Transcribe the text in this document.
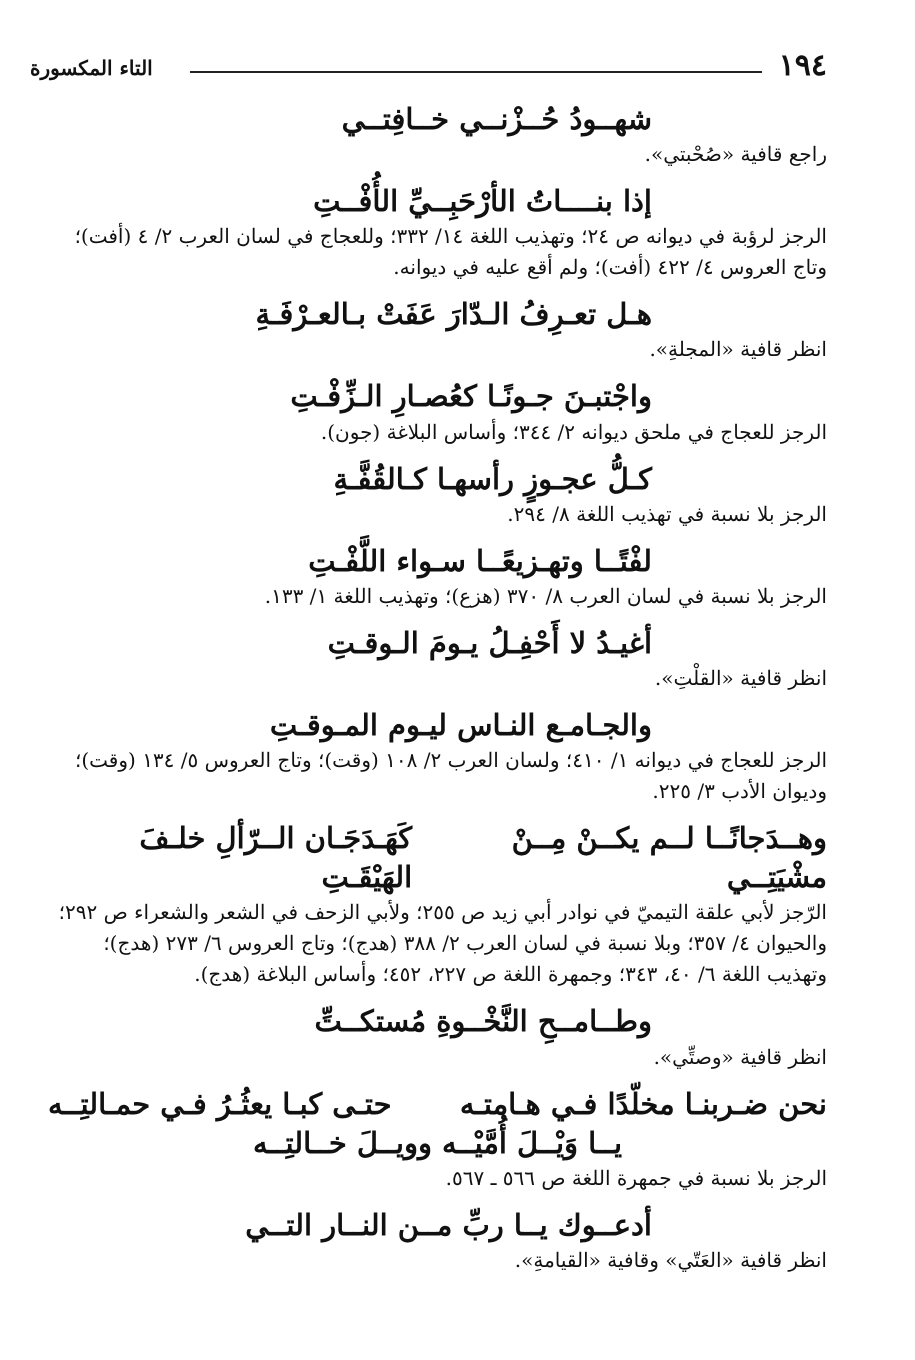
١٩٤
التاء المكسورة
شهــودُ حُــزْنــي خــافِتــي
راجع قافية «صُحْبتي».
إذا بنــــاتُ الأرْحَبِــيِّ الأُفْــتِ
الرجز لرؤبة في ديوانه ص ٢٤؛ وتهذيب اللغة ١٤/ ٣٣٢؛ وللعجاج في لسان العرب ٢/ ٤ (أفت)؛ وتاج العروس ٤/ ٤٢٢ (أفت)؛ ولم أقع عليه في ديوانه.
هـل تعـرِفُ الـدّارَ عَفَتْ بـالعـرْفَـةِ
انظر قافية «المجلةِ».
واجْتبـنَ جـونًـا كعُصـارِ الـزِّفْـتِ
الرجز للعجاج في ملحق ديوانه ٢/ ٣٤٤؛ وأساس البلاغة (جون).
كـلُّ عجـوزٍ رأسهـا كـالقُفَّـةِ
الرجز بلا نسبة في تهذيب اللغة ٨/ ٢٩٤.
لفْتًــا وتهـزيعًــا سـواء اللَّفْـتِ
الرجز بلا نسبة في لسان العرب ٨/ ٣٧٠ (هزع)؛ وتهذيب اللغة ١/ ١٣٣.
أغيـدُ لا أَحْفِـلُ يـومَ الـوقـتِ
انظر قافية «القلْتِ».
والجـامـع النـاس ليـوم المـوقـتِ
الرجز للعجاج في ديوانه ١/ ٤١٠؛ ولسان العرب ٢/ ١٠٨ (وقت)؛ وتاج العروس ٥/ ١٣٤ (وقت)؛ وديوان الأدب ٣/ ٢٢٥.
وهــدَجانًــا لــم يكــنْ مِــنْ مشْيَتِــي
كَهَـدَجَـان الــرّألِ خلـفَ الهَيْقَـتِ
الرّجز لأبي علقة التيميّ في نوادر أبي زيد ص ٢٥٥؛ ولأبي الزحف في الشعر والشعراء ص ٢٩٢؛ والحيوان ٤/ ٣٥٧؛ وبلا نسبة في لسان العرب ٢/ ٣٨٨ (هدج)؛ وتاج العروس ٦/ ٢٧٣ (هدج)؛ وتهذيب اللغة ٦/ ٤٠، ٣٤٣؛ وجمهرة اللغة ص ٢٢٧، ٤٥٢؛ وأساس البلاغة (هدج).
وطــامــحِ النَّخْــوةِ مُستكــتِّ
انظر قافية «وصتِّي».
نحن ضـربنـا مخلّدًا فـي هـامتـه
حتـى كبـا يعثُـرُ فـي حمـالتِــه
يــا وَيْــلَ أُمَّيْــه وويــلَ خــالتِــه
الرجز بلا نسبة في جمهرة اللغة ص ٥٦٦ ـ ٥٦٧.
أدعــوك يــا ربِّ مــن النــار التــي
انظر قافية «العَتّي» وقافية «القيامةِ».
